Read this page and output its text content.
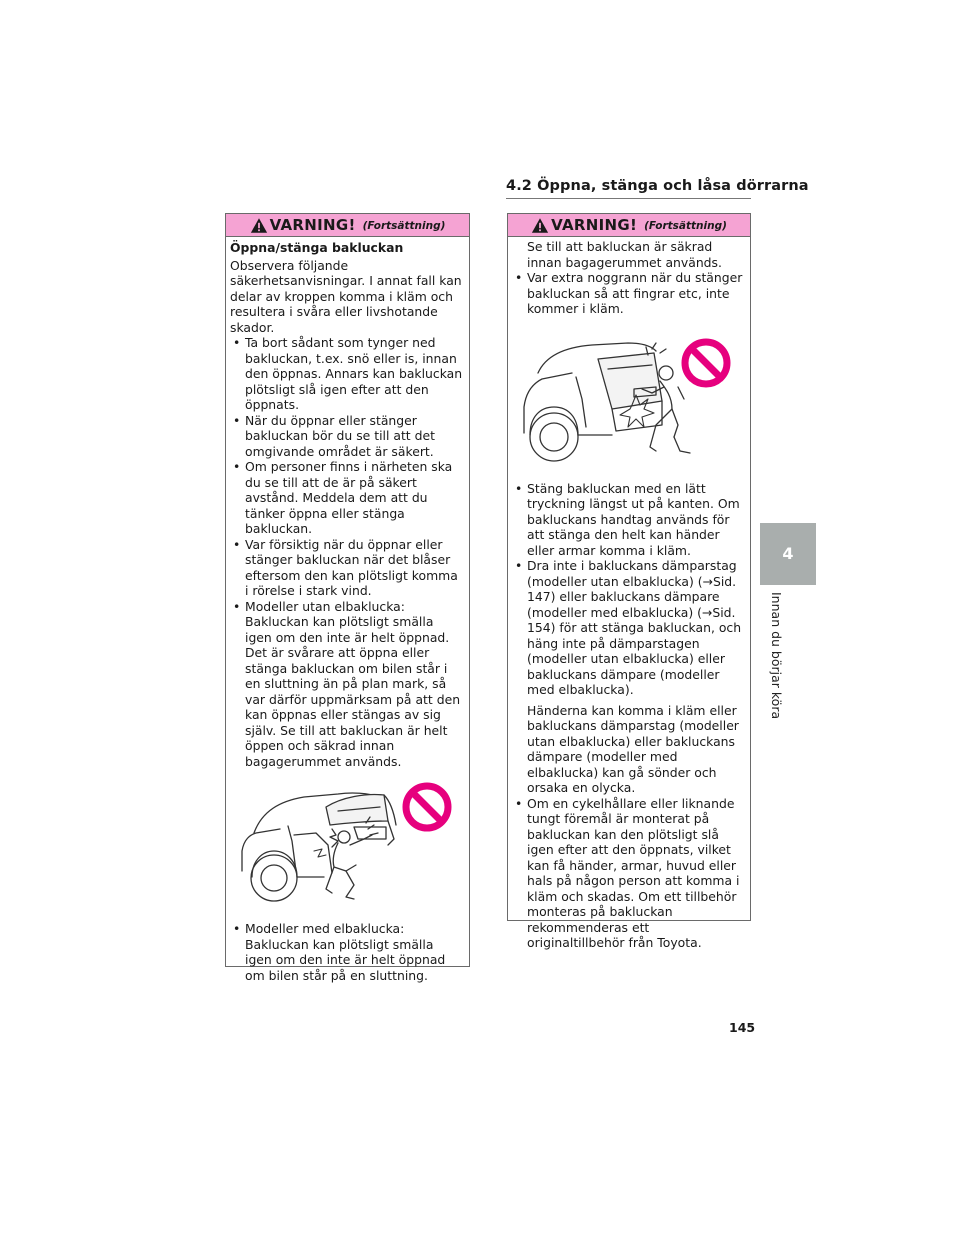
4.2 Öppna, stänga och låsa dörrarna
VARNING! (Fortsättning)

Öppna/stänga bakluckan

Observera följande säkerhetsanvisningar. I annat fall kan delar av kroppen komma i kläm och resultera i svåra eller livshotande skador.

• Ta bort sådant som tynger ned bakluckan, t.ex. snö eller is, innan den öppnas. Annars kan bakluckan plötsligt slå igen efter att den öppnats.
• När du öppnar eller stänger bakluckan bör du se till att det omgivande området är säkert.
• Om personer finns i närheten ska du se till att de är på säkert avstånd. Meddela dem att du tänker öppna eller stänga bakluckan.
• Var försiktig när du öppnar eller stänger bakluckan när det blåser eftersom den kan plötsligt komma i rörelse i stark vind.
• Modeller utan elbaklucka: Bakluckan kan plötsligt smälla igen om den inte är helt öppnad. Det är svårare att öppna eller stänga bakluckan om bilen står i en sluttning än på plan mark, så var därför uppmärksam på att den kan öppnas eller stängas av sig själv. Se till att bakluckan är helt öppen och säkrad innan bagagerummet används.
• Modeller med elbaklucka: Bakluckan kan plötsligt smälla igen om den inte är helt öppnad om bilen står på en sluttning.
VARNING! (Fortsättning)

Se till att bakluckan är säkrad innan bagagerummet används.

• Var extra noggrann när du stänger bakluckan så att fingrar etc, inte kommer i kläm.
• Stäng bakluckan med en lätt tryckning längst ut på kanten. Om bakluckans handtag används för att stänga den helt kan händer eller armar komma i kläm.
• Dra inte i bakluckans dämparstag (modeller utan elbaklucka) (→Sid. 147) eller bakluckans dämpare (modeller med elbaklucka) (→Sid. 154) för att stänga bakluckan, och häng inte på dämparstagen (modeller utan elbaklucka) eller bakluckans dämpare (modeller med elbaklucka).

Händerna kan komma i kläm eller bakluckans dämparstag (modeller utan elbaklucka) eller bakluckans dämpare (modeller med elbaklucka) kan gå sönder och orsaka en olycka.

• Om en cykelhållare eller liknande tungt föremål är monterat på bakluckan kan den plötsligt slå igen efter att den öppnats, vilket kan få händer, armar, huvud eller hals på någon person att komma i kläm och skadas. Om ett tillbehör monteras på bakluckan rekommenderas ett originaltillbehör från Toyota.
4
Innan du börjar köra
145
